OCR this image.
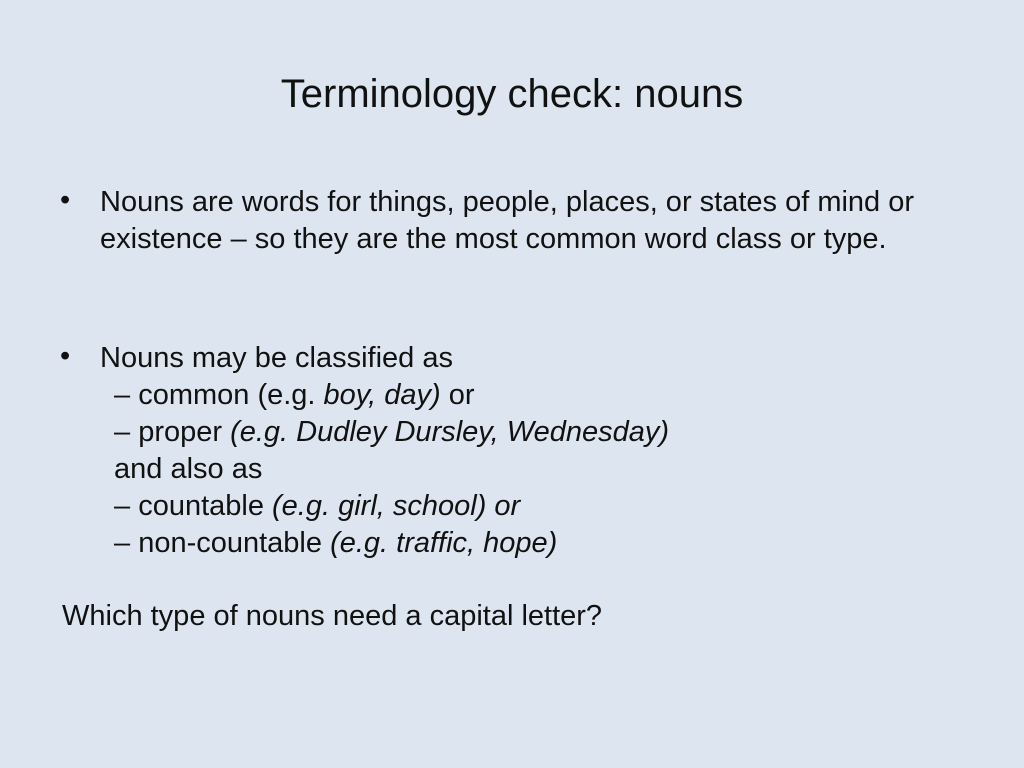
Terminology check: nouns
• Nouns are words for things, people, places, or states of mind or existence – so they are the most common word class or type.
• Nouns may be classified as
– common (e.g. boy, day) or
– proper (e.g. Dudley Dursley, Wednesday)
and also as
– countable (e.g. girl, school) or
– non-countable (e.g. traffic, hope)
Which type of nouns need a capital letter?
